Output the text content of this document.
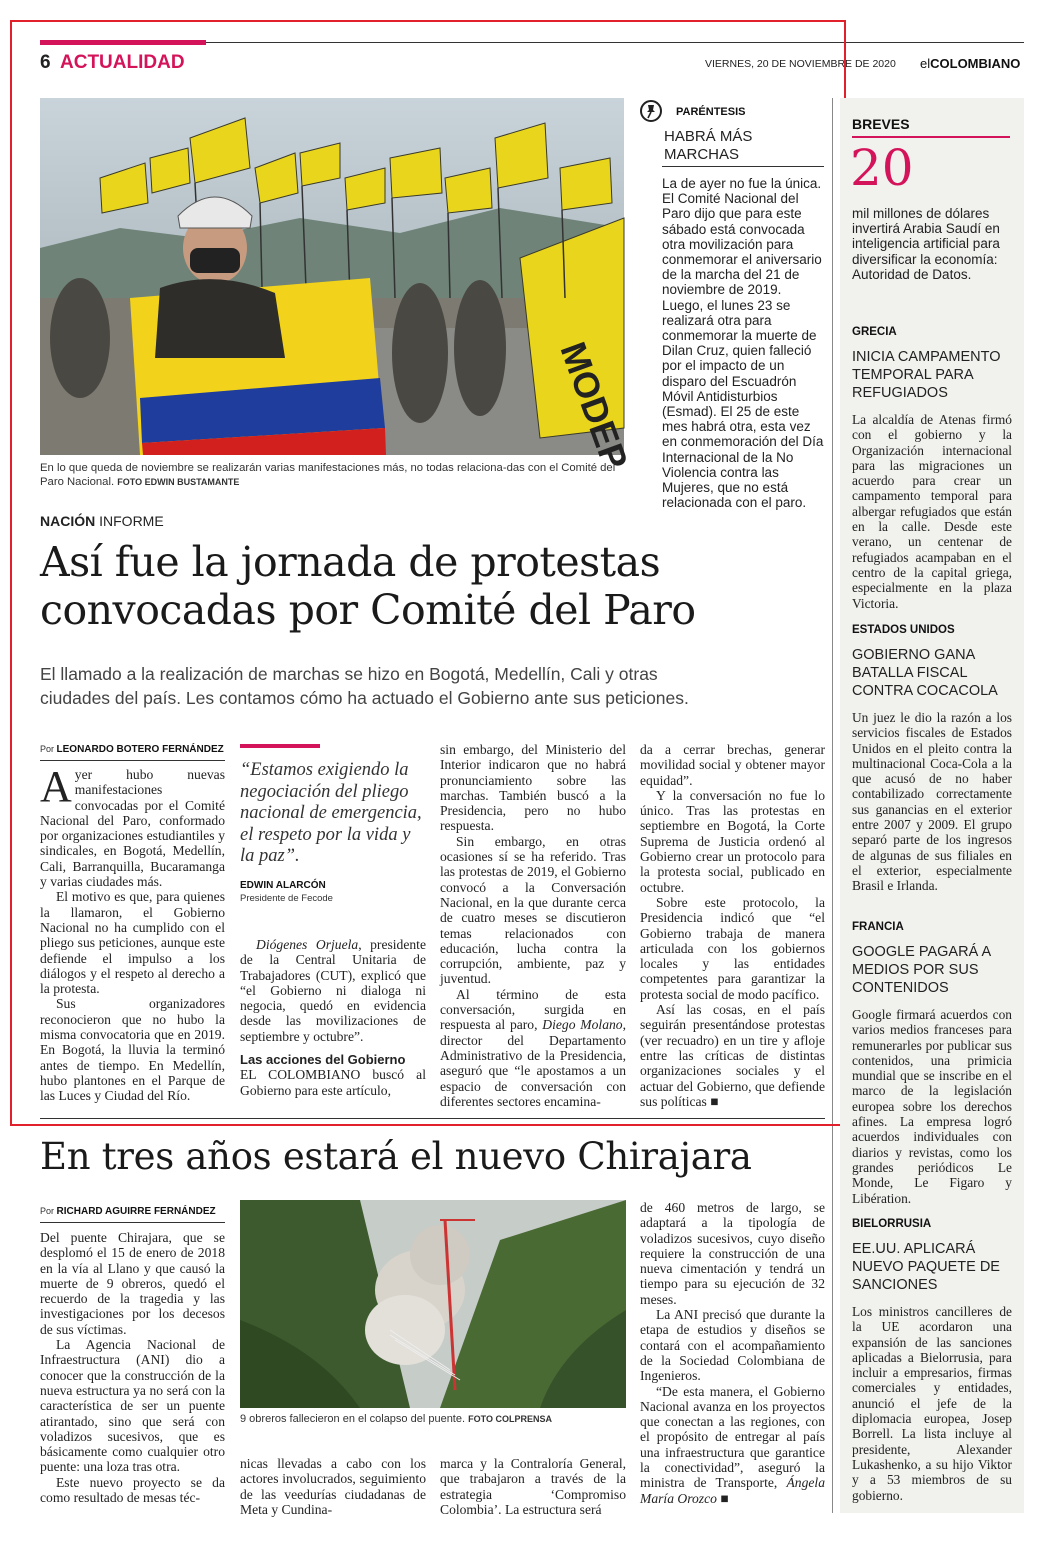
6 ACTUALIDAD	VIERNES, 20 DE NOVIEMBRE DE 2020 elCOLOMBIANO
MODEP
En lo que queda de noviembre se realizarán varias manifestaciones más, no todas relaciona-das con el Comité del Paro Nacional. FOTO EDWIN BUSTAMANTE
PARÉNTESIS
HABRÁ MÁS
MARCHAS
La de ayer no fue la única. El Comité Nacional del Paro dijo que para este sábado está convocada otra movilización para conmemorar el aniversario de la marcha del 21 de noviembre de 2019. Luego, el lunes 23 se realizará otra para conmemorar la muerte de Dilan Cruz, quien falleció por el impacto de un disparo del Escuadrón Móvil Antidisturbios (Esmad). El 25 de este mes habrá otra, esta vez en conmemoración del Día Internacional de la No Violencia contra las Mujeres, que no está relacionada con el paro.
NACIÓN INFORME
Así fue la jornada de protestas
convocadas por Comité del Paro
El llamado a la realización de marchas se hizo en Bogotá, Medellín, Cali y otras
ciudades del país. Les contamos cómo ha actuado el Gobierno ante sus peticiones.
Por LEONARDO BOTERO FERNÁNDEZ

Ayer hubo nuevas manifestaciones convocadas por el Comité Nacional del Paro, conformado por organizaciones estudiantiles y sindicales, en Bogotá, Medellín, Cali, Barranquilla, Bucaramanga y varias ciudades más.

El motivo es que, para quienes la llamaron, el Gobierno Nacional no ha cumplido con el pliego sus peticiones, aunque este defiende el impulso a los diálogos y el respeto al derecho a la protesta.

Sus organizadores reconocieron que no hubo la misma convocatoria que en 2019. En Bogotá, la lluvia la terminó antes de tiempo. En Medellín, hubo plantones en el Parque de las Luces y Ciudad del Río.

“Estamos exigiendo la negociación del pliego nacional de emergencia, el respeto por la vida y la paz”.
EDWIN ALARCÓN
Presidente de Fecode

Diógenes Orjuela, presidente de la Central Unitaria de Trabajadores (CUT), explicó que “el Gobierno ni dialoga ni negocia, quedó en evidencia desde las movilizaciones de septiembre y octubre”.

Las acciones del Gobierno

EL COLOMBIANO buscó al Gobierno para este artículo,

sin embargo, del Ministerio del Interior indicaron que no habrá pronunciamiento sobre las marchas. También buscó a la Presidencia, pero no hubo respuesta.

Sin embargo, en otras ocasiones sí se ha referido. Tras las protestas de 2019, el Gobierno convocó a la Conversación Nacional, en la que durante cerca de cuatro meses se discutieron temas relacionados con educación, lucha contra la corrupción, ambiente, paz y juventud.

Al término de esta conversación, surgida en respuesta al paro, Diego Molano, director del Departamento Administrativo de la Presidencia, aseguró que “le apostamos a un espacio de conversación con diferentes sectores encamina-

da a cerrar brechas, generar movilidad social y obtener mayor equidad”.

Y la conversación no fue lo único. Tras las protestas en septiembre en Bogotá, la Corte Suprema de Justicia ordenó al Gobierno crear un protocolo para la protesta social, publicado en octubre.

Sobre este protocolo, la Presidencia indicó que “el Gobierno trabaja de manera articulada con los gobiernos locales y las entidades competentes para garantizar la protesta social de modo pacífico.

Así las cosas, en el país seguirán presentándose protestas (ver recuadro) en un tire y afloje entre las críticas de distintas organizaciones sociales y el actuar del Gobierno, que defiende sus políticas ■

En tres años estará el nuevo Chirajara
Por RICHARD AGUIRRE FERNÁNDEZ

Del puente Chirajara, que se desplomó el 15 de enero de 2018 en la vía al Llano y que causó la muerte de 9 obreros, quedó el recuerdo de la tragedia y las investigaciones por los decesos de sus víctimas.

La Agencia Nacional de Infraestructura (ANI) dio a conocer que la construcción de la nueva estructura ya no será con la característica de ser un puente atirantado, sino que será con voladizos sucesivos, que es básicamente como cualquier otro puente: una loza tras otra.

Este nuevo proyecto se da como resultado de mesas téc-

9 obreros fallecieron en el colapso del puente. FOTO COLPRENSA

nicas llevadas a cabo con los actores involucrados, seguimiento de las veedurías ciudadanas de Meta y Cundina-

marca y la Contraloría General, que trabajaron a través de la estrategia ‘Compromiso Colombia’. La estructura será

de 460 metros de largo, se adaptará a la tipología de voladizos sucesivos, cuyo diseño requiere la construcción de una nueva cimentación y tendrá un tiempo para su ejecución de 32 meses.

La ANI precisó que durante la etapa de estudios y diseños se contará con el acompañamiento de la Sociedad Colombiana de Ingenieros.

“De esta manera, el Gobierno Nacional avanza en los proyectos que conectan a las regiones, con el propósito de entregar al país una infraestructura que garantice la conectividad”, aseguró la ministra de Transporte, Ángela María Orozco ■

BREVES
20
mil millones de dólares invertirá Arabia Saudí en inteligencia artificial para diversificar la economía: Autoridad de Datos.
GRECIA
INICIA CAMPAMENTO TEMPORAL PARA REFUGIADOS
La alcaldía de Atenas firmó con el gobierno y la Organización internacional para las migraciones un acuerdo para crear un campamento temporal para albergar refugiados que están en la calle. Desde este verano, un centenar de refugiados acampaban en el centro de la capital griega, especialmente en la plaza Victoria.
ESTADOS UNIDOS
GOBIERNO GANA BATALLA FISCAL CONTRA COCACOLA
Un juez le dio la razón a los servicios fiscales de Estados Unidos en el pleito contra la multinacional Coca-Cola a la que acusó de no haber contabilizado correctamente sus ganancias en el exterior entre 2007 y 2009. El grupo separó parte de los ingresos de algunas de sus filiales en el exterior, especialmente Brasil e Irlanda.
FRANCIA
GOOGLE PAGARÁ A MEDIOS POR SUS CONTENIDOS
Google firmará acuerdos con varios medios franceses para remunerarles por publicar sus contenidos, una primicia mundial que se inscribe en el marco de la legislación europea sobre los derechos afines. La empresa logró acuerdos individuales con diarios y revistas, como los grandes periódicos Le Monde, Le Figaro y Libération.
BIELORRUSIA
EE.UU. APLICARÁ NUEVO PAQUETE DE SANCIONES
Los ministros cancilleres de la UE acordaron una expansión de las sanciones aplicadas a Bielorrusia, para incluir a empresarios, firmas comerciales y entidades, anunció el jefe de la diplomacia europea, Josep Borrell. La lista incluye al presidente, Alexander Lukashenko, a su hijo Viktor y a 53 miembros de su gobierno.
